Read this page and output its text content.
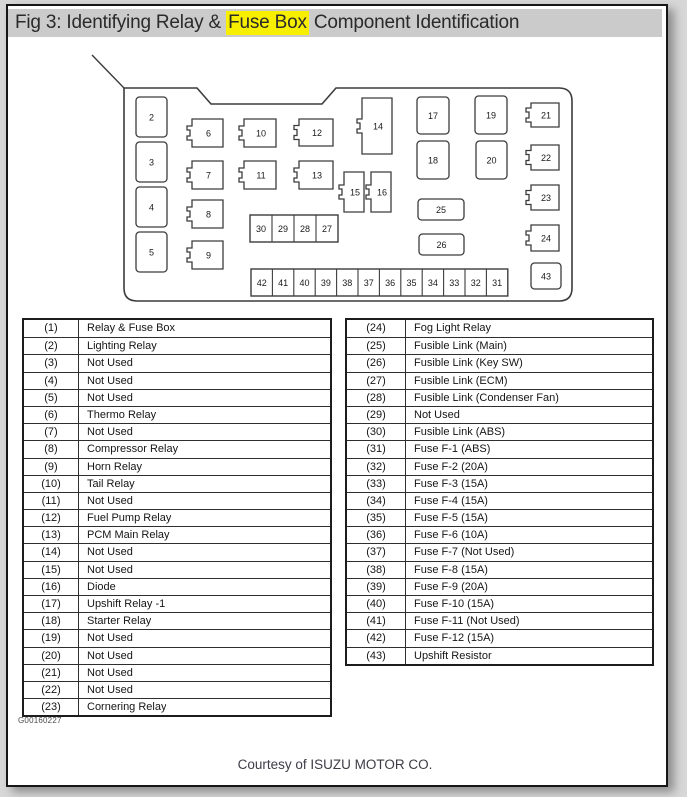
Fig 3: Identifying Relay & Fuse Box Component Identification
2
3
4
5
6
7
8
9
10
11
12
13
14
15 16
17
18
19
20
21
22
23
24
25
26
43
30 29 28 27
42 41 40 39 38 37 36 35 34 33 32 31
(1)	Relay & Fuse Box
(2)	Lighting Relay
(3)	Not Used
(4)	Not Used
(5)	Not Used
(6)	Thermo Relay
(7)	Not Used
(8)	Compressor Relay
(9)	Horn Relay
(10)	Tail Relay
(11)	Not Used
(12)	Fuel Pump Relay
(13)	PCM Main Relay
(14)	Not Used
(15)	Not Used
(16)	Diode
(17)	Upshift Relay -1
(18)	Starter Relay
(19)	Not Used
(20)	Not Used
(21)	Not Used
(22)	Not Used
(23)	Cornering Relay
(24)	Fog Light Relay
(25)	Fusible Link (Main)
(26)	Fusible Link (Key SW)
(27)	Fusible Link (ECM)
(28)	Fusible Link (Condenser Fan)
(29)	Not Used
(30)	Fusible Link (ABS)
(31)	Fuse F-1 (ABS)
(32)	Fuse F-2 (20A)
(33)	Fuse F-3 (15A)
(34)	Fuse F-4 (15A)
(35)	Fuse F-5 (15A)
(36)	Fuse F-6 (10A)
(37)	Fuse F-7 (Not Used)
(38)	Fuse F-8 (15A)
(39)	Fuse F-9 (20A)
(40)	Fuse F-10 (15A)
(41)	Fuse F-11 (Not Used)
(42)	Fuse F-12 (15A)
(43)	Upshift Resistor
G00160227
Courtesy of ISUZU MOTOR CO.
